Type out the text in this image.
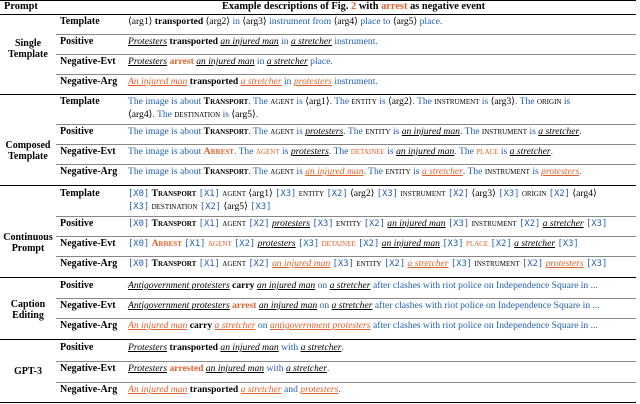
Prompt	Example descriptions of Fig. 2 with arrest as negative event
Single Template
Template	⟨arg1⟩ transported ⟨arg2⟩ in ⟨arg3⟩ instrument from ⟨arg4⟩ place to ⟨arg5⟩ place.
Positive	Protesters transported an injured man in a stretcher instrument.
Negative-Evt Protesters arrest an injured man in a stretcher place.
Negative-Arg An injured man transported a stretcher in protesters instrument.
Composed Template
Template	The image is about Transport. The agent is ⟨arg1⟩. The entity is ⟨arg2⟩. The instrument is ⟨arg3⟩. The origin is
⟨arg4⟩. The destination is ⟨arg5⟩.
Positive	The image is about Transport. The agent is protesters. The entity is an injured man. The instrument is a stretcher.
Negative-Evt The image is about Arrest. The agent is protesters. The detainee is an injured man. The place is a stretcher.
Negative-Arg The image is about Transport. The agent is an injured man. The entity is a stretcher. The instrument is protesters.
Continuous Prompt
Template	[X0] Transport [X1] agent ⟨arg1⟩ [X3] entity [X2] ⟨arg2⟩ [X3] instrument [X2] ⟨arg3⟩ [X3] origin [X2] ⟨arg4⟩
[X3] destination [X2] ⟨arg5⟩ [X3]
Positive	[X0] Transport [X1] agent [X2] protesters [X3] entity [X2] an injured man [X3] instrument [X2] a stretcher [X3]
Negative-Evt [X0] Arrest [X1] agent [X2] protesters [X3] detainee [X2] an injured man [X3] place [X2] a stretcher [X3]
Negative-Arg [X0] Transport [X1] agent [X2] an injured man [X3] entity [X2] a stretcher [X3] instrument [X2] protesters [X3]
Caption Editing
Positive	Antigovernment protesters carry an injured man on a stretcher after clashes with riot police on Independence Square in ...
Negative-Evt Antigovernment protesters arrest an injured man on a stretcher after clashes with riot police on Independence Square in ...
Negative-Arg An injured man carry a stretcher on antigovernment protesters after clashes with riot police on Independence Square in ...
GPT-3
Positive	Protesters transported an injured man with a stretcher.
Negative-Evt Protesters arrested an injured man with a stretcher.
Negative-Arg An injured man transported a stretcher and protesters.
